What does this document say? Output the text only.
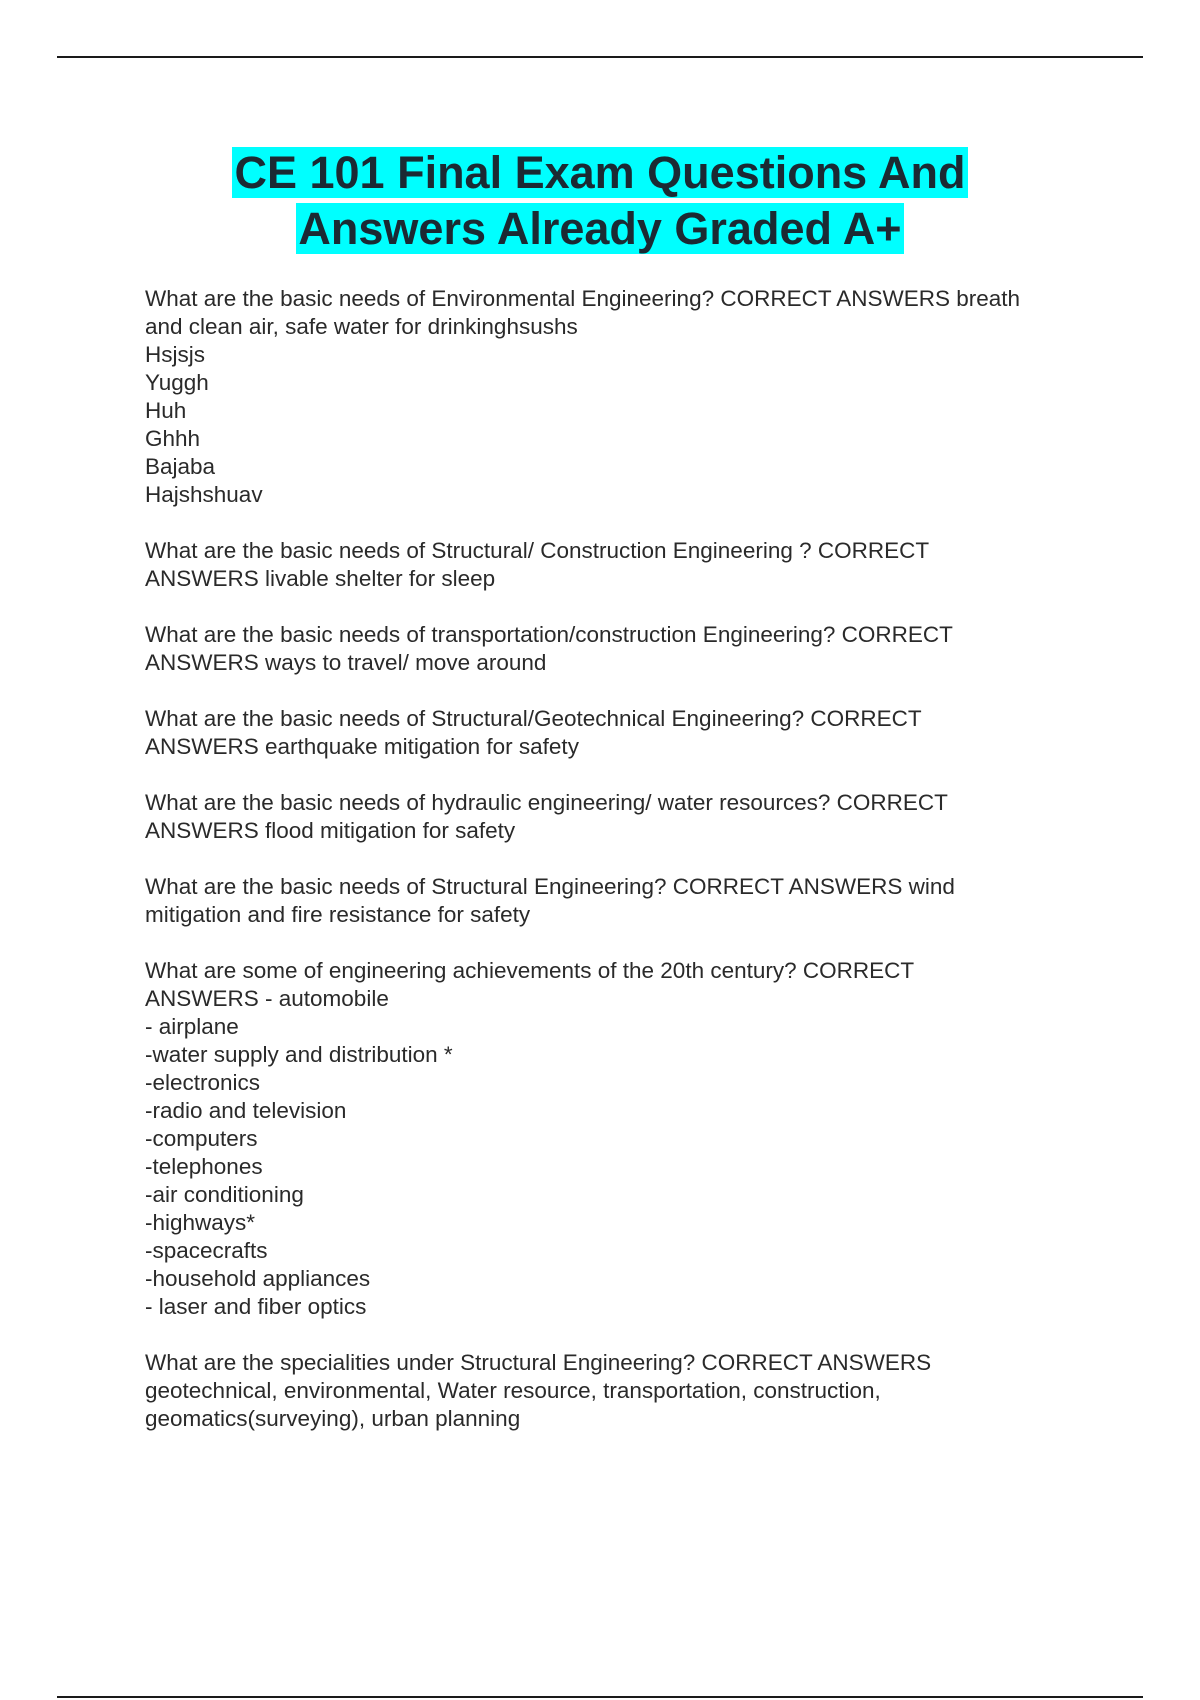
CE 101 Final Exam Questions And
Answers Already Graded A+
What are the basic needs of Environmental Engineering? CORRECT ANSWERS breath
and clean air, safe water for drinkinghsushs
Hsjsjs
Yuggh
Huh
Ghhh
Bajaba
Hajshshuav
What are the basic needs of Structural/ Construction Engineering ? CORRECT
ANSWERS livable shelter for sleep
What are the basic needs of transportation/construction Engineering? CORRECT
ANSWERS ways to travel/ move around
What are the basic needs of Structural/Geotechnical Engineering? CORRECT
ANSWERS earthquake mitigation for safety
What are the basic needs of hydraulic engineering/ water resources? CORRECT
ANSWERS flood mitigation for safety
What are the basic needs of Structural Engineering? CORRECT ANSWERS wind
mitigation and fire resistance for safety
What are some of engineering achievements of the 20th century? CORRECT
ANSWERS - automobile
- airplane
-water supply and distribution *
-electronics
-radio and television
-computers
-telephones
-air conditioning
-highways*
-spacecrafts
-household appliances
- laser and fiber optics
What are the specialities under Structural Engineering? CORRECT ANSWERS
geotechnical, environmental, Water resource, transportation, construction,
geomatics(surveying), urban planning
